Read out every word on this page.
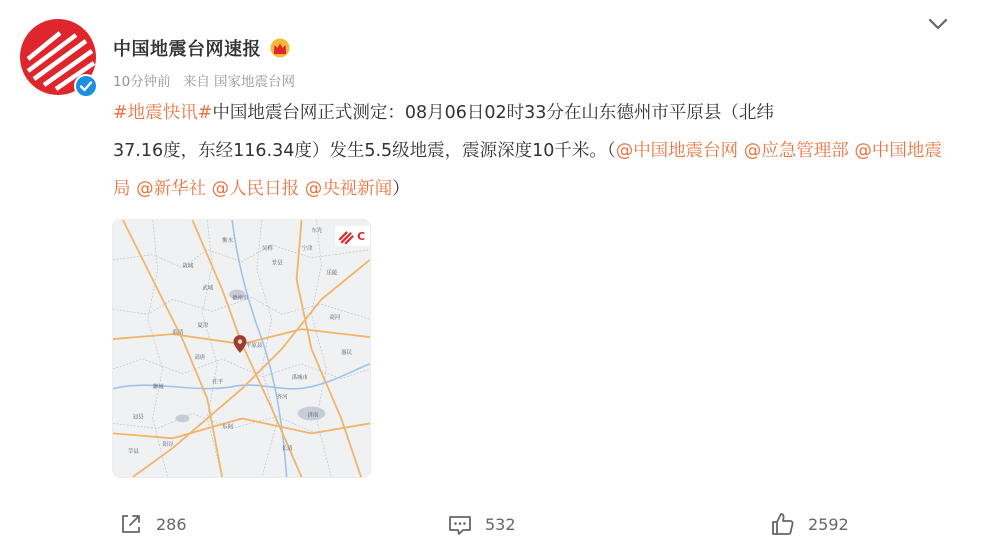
中国地震台网速报
10分钟前 来自 国家地震台网
#地震快讯#中国地震台网正式测定：08月06日02时33分在山东德州市平原县（北纬
37.16度，东经116.34度）发生5.5级地震，震源深度10千米。（@中国地震台网 @应急管理部 @中国地震局 @新华社 @人民日报 @央视新闻）
衡水
景县
德州市
平原县
禹城市
济南
聊城
临清
夏津
武城
冠县
阳谷
莘县
齐河
乐陵
宁津
东光
吴桥
故城
商河
茌平
东阿
惠民
高唐
长清
C
286	532	2592
